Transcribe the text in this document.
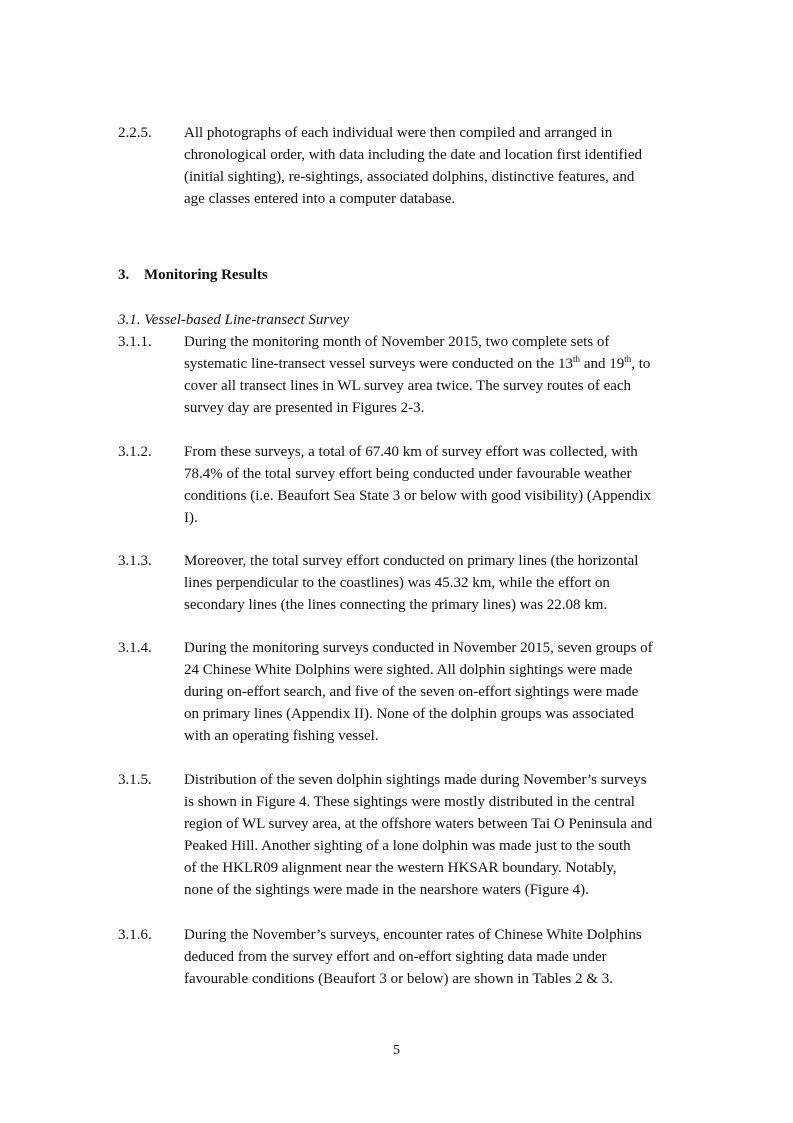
2.2.5.	All photographs of each individual were then compiled and arranged in
chronological order, with data including the date and location first identified
(initial sighting), re-sightings, associated dolphins, distinctive features, and
age classes entered into a computer database.
3. Monitoring Results
3.1. Vessel-based Line-transect Survey
3.1.1.	During the monitoring month of November 2015, two complete sets of
systematic line-transect vessel surveys were conducted on the 13th and 19th, to
cover all transect lines in WL survey area twice. The survey routes of each
survey day are presented in Figures 2-3.
3.1.2.	From these surveys, a total of 67.40 km of survey effort was collected, with
78.4% of the total survey effort being conducted under favourable weather
conditions (i.e. Beaufort Sea State 3 or below with good visibility) (Appendix
I).
3.1.3.	Moreover, the total survey effort conducted on primary lines (the horizontal
lines perpendicular to the coastlines) was 45.32 km, while the effort on
secondary lines (the lines connecting the primary lines) was 22.08 km.
3.1.4.	During the monitoring surveys conducted in November 2015, seven groups of
24 Chinese White Dolphins were sighted. All dolphin sightings were made
during on-effort search, and five of the seven on-effort sightings were made
on primary lines (Appendix II). None of the dolphin groups was associated
with an operating fishing vessel.
3.1.5.	Distribution of the seven dolphin sightings made during November’s surveys
is shown in Figure 4. These sightings were mostly distributed in the central
region of WL survey area, at the offshore waters between Tai O Peninsula and
Peaked Hill. Another sighting of a lone dolphin was made just to the south
of the HKLR09 alignment near the western HKSAR boundary. Notably,
none of the sightings were made in the nearshore waters (Figure 4).
3.1.6.	During the November’s surveys, encounter rates of Chinese White Dolphins
deduced from the survey effort and on-effort sighting data made under
favourable conditions (Beaufort 3 or below) are shown in Tables 2 & 3.
5
